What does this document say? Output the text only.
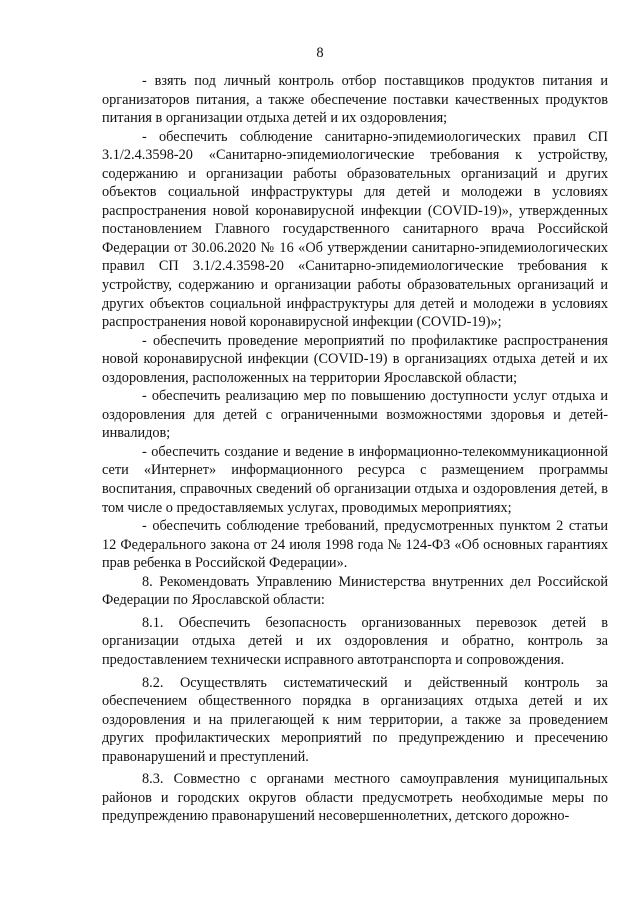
8

- взять под личный контроль отбор поставщиков продуктов питания и организаторов питания, а также обеспечение поставки качественных продуктов питания в организации отдыха детей и их оздоровления;

- обеспечить соблюдение санитарно-эпидемиологических правил СП 3.1/2.4.3598-20 «Санитарно-эпидемиологические требования к устройству, содержанию и организации работы образовательных организаций и других объектов социальной инфраструктуры для детей и молодежи в условиях распространения новой коронавирусной инфекции (COVID-19)», утвержденных постановлением Главного государственного санитарного врача Российской Федерации от 30.06.2020 № 16 «Об утверждении санитарно-эпидемиологических правил СП 3.1/2.4.3598-20 «Санитарно-эпидемиологические требования к устройству, содержанию и организации работы образовательных организаций и других объектов социальной инфраструктуры для детей и молодежи в условиях распространения новой коронавирусной инфекции (COVID-19)»;

- обеспечить проведение мероприятий по профилактике распространения новой коронавирусной инфекции (COVID-19) в организациях отдыха детей и их оздоровления, расположенных на территории Ярославской области;

- обеспечить реализацию мер по повышению доступности услуг отдыха и оздоровления для детей с ограниченными возможностями здоровья и детей-инвалидов;

- обеспечить создание и ведение в информационно-телекоммуникационной сети «Интернет» информационного ресурса с размещением программы воспитания, справочных сведений об организации отдыха и оздоровления детей, в том числе о предоставляемых услугах, проводимых мероприятиях;

- обеспечить соблюдение требований, предусмотренных пунктом 2 статьи 12 Федерального закона от 24 июля 1998 года № 124-ФЗ «Об основных гарантиях прав ребенка в Российской Федерации».

8. Рекомендовать Управлению Министерства внутренних дел Российской Федерации по Ярославской области:

8.1. Обеспечить безопасность организованных перевозок детей в организации отдыха детей и их оздоровления и обратно, контроль за предоставлением технически исправного автотранспорта и сопровождения.

8.2. Осуществлять систематический и действенный контроль за обеспечением общественного порядка в организациях отдыха детей и их оздоровления и на прилегающей к ним территории, а также за проведением других профилактических мероприятий по предупреждению и пресечению правонарушений и преступлений.

8.3. Совместно с органами местного самоуправления муниципальных районов и городских округов области предусмотреть необходимые меры по предупреждению правонарушений несовершеннолетних, детского дорожно-
